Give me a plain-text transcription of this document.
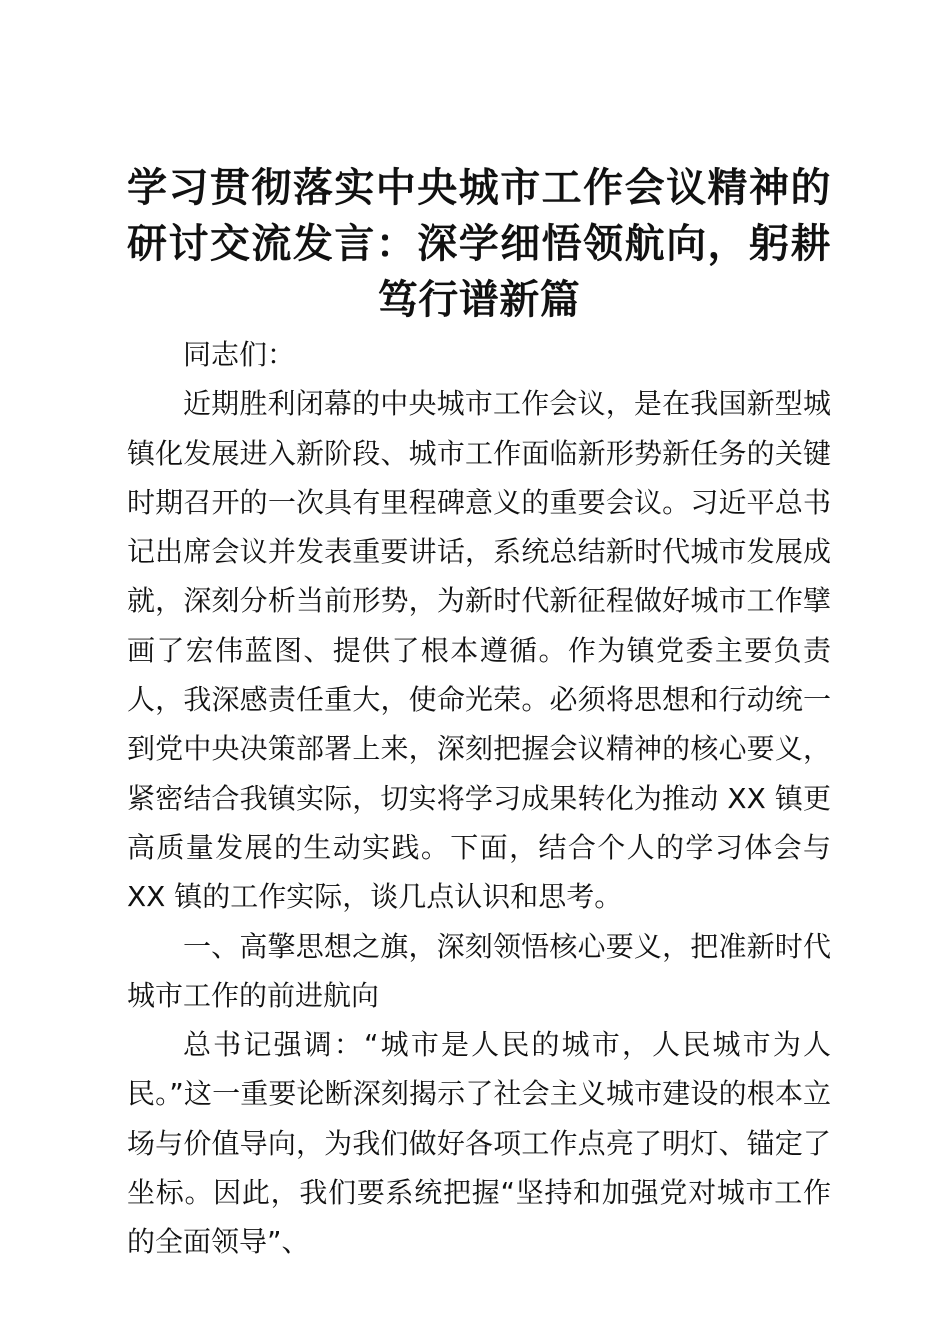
学习贯彻落实中央城市工作会议精神的研讨交流发言：深学细悟领航向，躬耕笃行谱新篇

同志们：

近期胜利闭幕的中央城市工作会议，是在我国新型城镇化发展进入新阶段、城市工作面临新形势新任务的关键时期召开的一次具有里程碑意义的重要会议。习近平总书记出席会议并发表重要讲话，系统总结新时代城市发展成就，深刻分析当前形势，为新时代新征程做好城市工作擘画了宏伟蓝图、提供了根本遵循。作为镇党委主要负责人，我深感责任重大，使命光荣。必须将思想和行动统一到党中央决策部署上来，深刻把握会议精神的核心要义，紧密结合我镇实际，切实将学习成果转化为推动 XX 镇更高质量发展的生动实践。下面，结合个人的学习体会与 XX 镇的工作实际，谈几点认识和思考。

一、高擎思想之旗，深刻领悟核心要义，把准新时代城市工作的前进航向

总书记强调：“城市是人民的城市，人民城市为人民。”这一重要论断深刻揭示了社会主义城市建设的根本立场与价值导向，为我们做好各项工作点亮了明灯、锚定了坐标。因此，我们要系统把握“坚持和加强党对城市工作的全面领导”、
